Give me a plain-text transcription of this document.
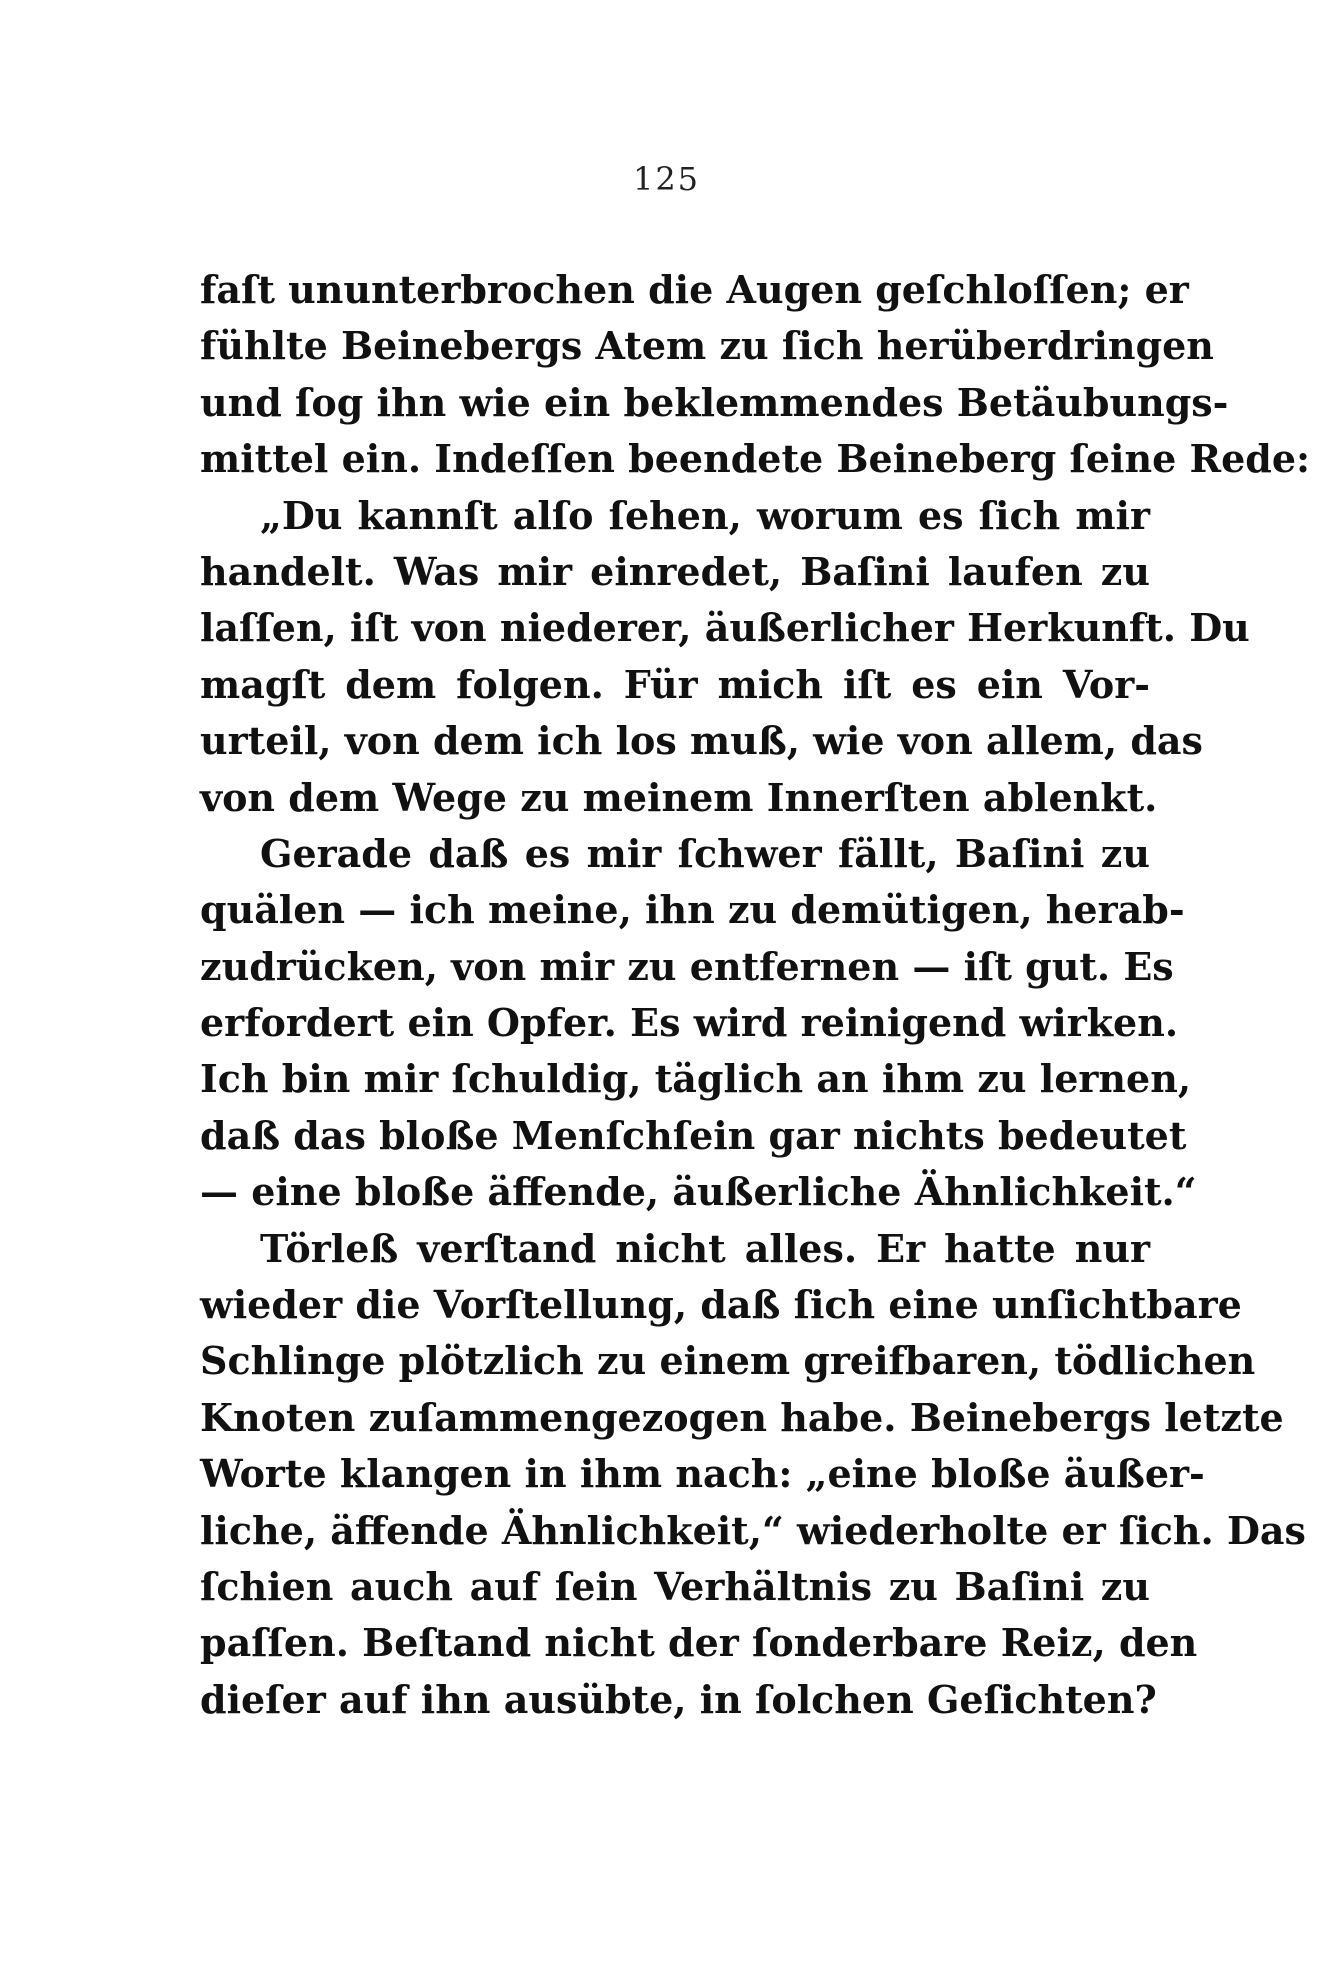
125
faſt ununterbrochen die Augen geſchloſſen; er
fühlte Beinebergs Atem zu ſich herüberdringen
und ſog ihn wie ein beklemmendes Betäubungs-
mittel ein. Indeſſen beendete Beineberg ſeine Rede:
„Du kannſt alſo ſehen, worum es ſich mir
handelt. Was mir einredet, Baſini laufen zu
laſſen, iſt von niederer, äußerlicher Herkunft. Du
magſt dem folgen. Für mich iſt es ein Vor-
urteil, von dem ich los muß, wie von allem, das
von dem Wege zu meinem Innerſten ablenkt.
Gerade daß es mir ſchwer fällt, Baſini zu
quälen — ich meine, ihn zu demütigen, herab-
zudrücken, von mir zu entfernen — iſt gut. Es
erfordert ein Opfer. Es wird reinigend wirken.
Ich bin mir ſchuldig, täglich an ihm zu lernen,
daß das bloße Menſchſein gar nichts bedeutet
— eine bloße äffende, äußerliche Ähnlichkeit.“
Törleß verſtand nicht alles. Er hatte nur
wieder die Vorſtellung, daß ſich eine unſichtbare
Schlinge plötzlich zu einem greifbaren, tödlichen
Knoten zuſammengezogen habe. Beinebergs letzte
Worte klangen in ihm nach: „eine bloße äußer-
liche, äffende Ähnlichkeit,“ wiederholte er ſich. Das
ſchien auch auf ſein Verhältnis zu Baſini zu
paſſen. Beſtand nicht der ſonderbare Reiz, den
dieſer auf ihn ausübte, in ſolchen Geſichten?
